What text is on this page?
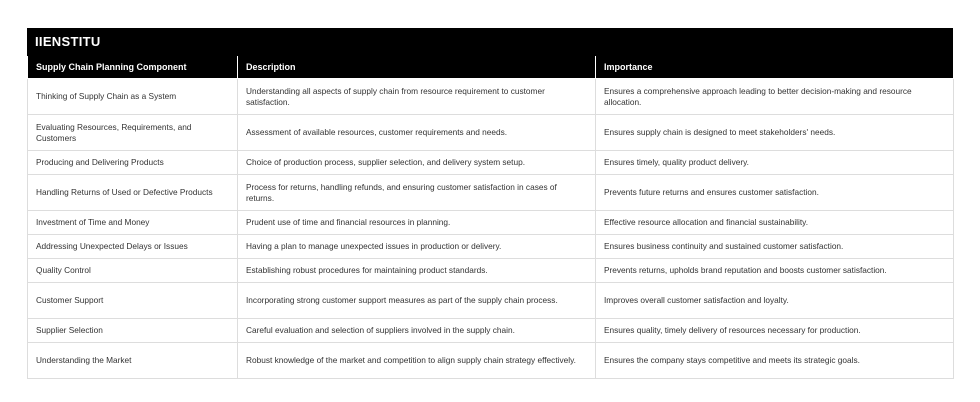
IIENSTITU
Supply Chain Planning Component	Description	Importance
Thinking of Supply Chain as a System	Understanding all aspects of supply chain from resource requirement to customer satisfaction.	Ensures a comprehensive approach leading to better decision-making and resource allocation.
Evaluating Resources, Requirements, and Customers	Assessment of available resources, customer requirements and needs.	Ensures supply chain is designed to meet stakeholders' needs.
Producing and Delivering Products	Choice of production process, supplier selection, and delivery system setup.	Ensures timely, quality product delivery.
Handling Returns of Used or Defective Products	Process for returns, handling refunds, and ensuring customer satisfaction in cases of returns.	Prevents future returns and ensures customer satisfaction.
Investment of Time and Money	Prudent use of time and financial resources in planning.	Effective resource allocation and financial sustainability.
Addressing Unexpected Delays or Issues	Having a plan to manage unexpected issues in production or delivery.	Ensures business continuity and sustained customer satisfaction.
Quality Control	Establishing robust procedures for maintaining product standards.	Prevents returns, upholds brand reputation and boosts customer satisfaction.
Customer Support	Incorporating strong customer support measures as part of the supply chain process.	Improves overall customer satisfaction and loyalty.
Supplier Selection	Careful evaluation and selection of suppliers involved in the supply chain.	Ensures quality, timely delivery of resources necessary for production.
Understanding the Market	Robust knowledge of the market and competition to align supply chain strategy effectively.	Ensures the company stays competitive and meets its strategic goals.
